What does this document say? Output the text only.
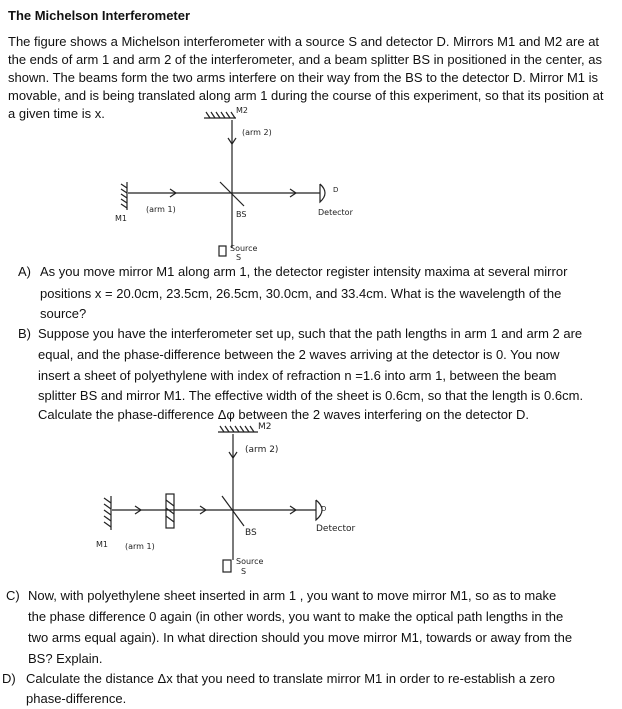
The Michelson Interferometer
The figure shows a Michelson interferometer with a source S and detector D. Mirrors M1 and M2 are at
the ends of arm 1 and arm 2 of the interferometer, and a beam splitter BS in positioned in the center, as
shown. The beams form the two arms interfere on their way from the BS to the detector D. Mirror M1 is
movable, and is being translated along arm 1 during the course of this experiment, so that its position at
a given time is x.	M2
(arm 2)
(arm 1)
M1	BS	Detector
D
Source
S
A) As you move mirror M1 along arm 1, the detector register intensity maxima at several mirror
positions x = 20.0cm, 23.5cm, 26.5cm, 30.0cm, and 33.4cm. What is the wavelength of the
source?
B) Suppose you have the interferometer set up, such that the path lengths in arm 1 and arm 2 are
equal, and the phase-difference between the 2 waves arriving at the detector is 0. You now
insert a sheet of polyethylene with index of refraction n =1.6 into arm 1, between the beam
splitter BS and mirror M1. The effective width of the sheet is 0.6cm, so that the length is 0.6cm.
Calculate the phase-difference Δφ between the 2 waves interfering on the detector D.
M2
(arm 2)
M1 (arm 1)
BS	Detector
D
Source
S
C) Now, with polyethylene sheet inserted in arm 1 , you want to move mirror M1, so as to make
the phase difference 0 again (in other words, you want to make the optical path lengths in the
two arms equal again). In what direction should you move mirror M1, towards or away from the
BS? Explain.
D) Calculate the distance Δx that you need to translate mirror M1 in order to re-establish a zero
phase-difference.
